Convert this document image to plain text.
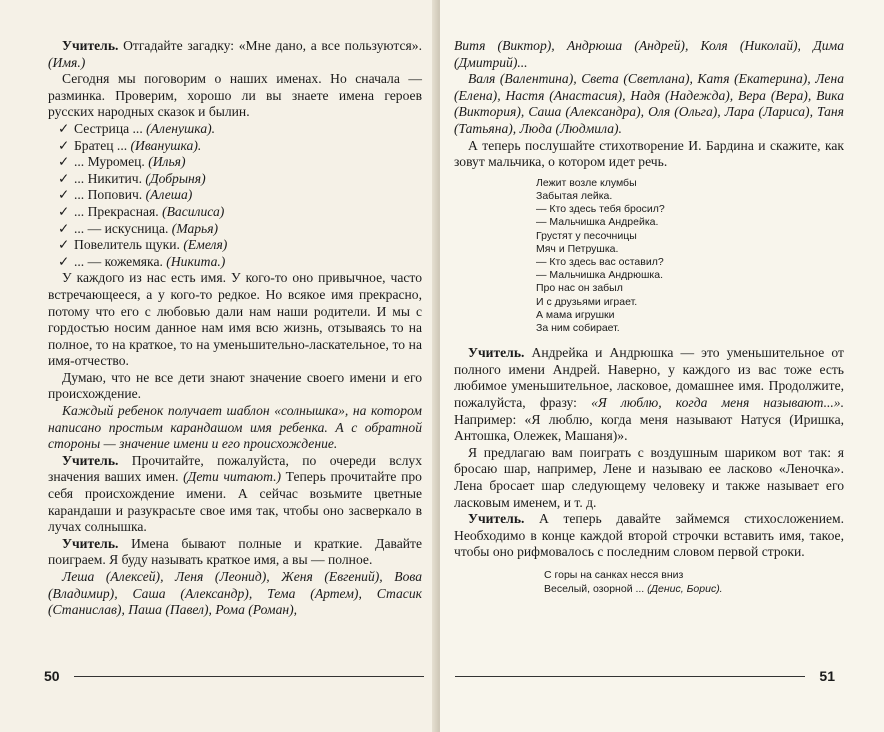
Учитель. Отгадайте загадку: «Мне дано, а все пользуются». (Имя.)

Сегодня мы поговорим о наших именах. Но сначала — разминка. Проверим, хорошо ли вы знаете имена героев русских народных сказок и былин.

✓ Сестрица ... (Аленушка).
✓ Братец ... (Иванушка).
✓ ... Муромец. (Илья)
✓ ... Никитич. (Добрыня)
✓ ... Попович. (Алеша)
✓ ... Прекрасная. (Василиса)
✓ ... — искусница. (Марья)
✓ Повелитель щуки. (Емеля)
✓ ... — кожемяка. (Никита.)

У каждого из нас есть имя. У кого-то оно привычное, часто встречающееся, а у кого-то редкое. Но всякое имя прекрасно, потому что его с любовью дали нам наши родители. И мы с гордостью носим данное нам имя всю жизнь, отзываясь то на полное, то на краткое, то на уменьшительно-ласкательное, то на имя-отчество.

Думаю, что не все дети знают значение своего имени и его происхождение.

Каждый ребенок получает шаблон «солнышка», на котором написано простым карандашом имя ребенка. А с обратной стороны — значение имени и его происхождение.

Учитель. Прочитайте, пожалуйста, по очереди вслух значения ваших имен. (Дети читают.) Теперь прочитайте про себя происхождение имени. А сейчас возьмите цветные карандаши и разукрасьте свое имя так, чтобы оно засверкало в лучах солнышка.

Учитель. Имена бывают полные и краткие. Давайте поиграем. Я буду называть краткое имя, а вы — полное.

Леша (Алексей), Леня (Леонид), Женя (Евгений), Вова (Владимир), Саша (Александр), Тема (Артем), Стасик (Станислав), Паша (Павел), Рома (Роман),

Витя (Виктор), Андрюша (Андрей), Коля (Николай), Дима (Дмитрий)...

Валя (Валентина), Света (Светлана), Катя (Екатерина), Лена (Елена), Настя (Анастасия), Надя (Надежда), Вера (Вера), Вика (Виктория), Саша (Александра), Оля (Ольга), Лара (Лариса), Таня (Татьяна), Люда (Людмила).

А теперь послушайте стихотворение И. Бардина и скажите, как зовут мальчика, о котором идет речь.

Лежит возле клумбы
Забытая лейка.
— Кто здесь тебя бросил?
— Мальчишка Андрейка.
Грустят у песочницы
Мяч и Петрушка.
— Кто здесь вас оставил?
— Мальчишка Андрюшка.
Про нас он забыл
И с друзьями играет.
А мама игрушки
За ним собирает.

Учитель. Андрейка и Андрюшка — это уменьшительное от полного имени Андрей. Наверно, у каждого из вас тоже есть любимое уменьшительное, ласковое, домашнее имя. Продолжите, пожалуйста, фразу: «Я люблю, когда меня называют...». Например: «Я люблю, когда меня называют Натуся (Иришка, Антошка, Олежек, Машаня)».

Я предлагаю вам поиграть с воздушным шариком вот так: я бросаю шар, например, Лене и называю ее ласково «Леночка». Лена бросает шар следующему человеку и также называет его ласковым именем, и т. д.

Учитель. А теперь давайте займемся стихосложением. Необходимо в конце каждой второй строчки вставить имя, такое, чтобы оно рифмовалось с последним словом первой строки.

С горы на санках несся вниз
Веселый, озорной ... (Денис, Борис).
50	51
